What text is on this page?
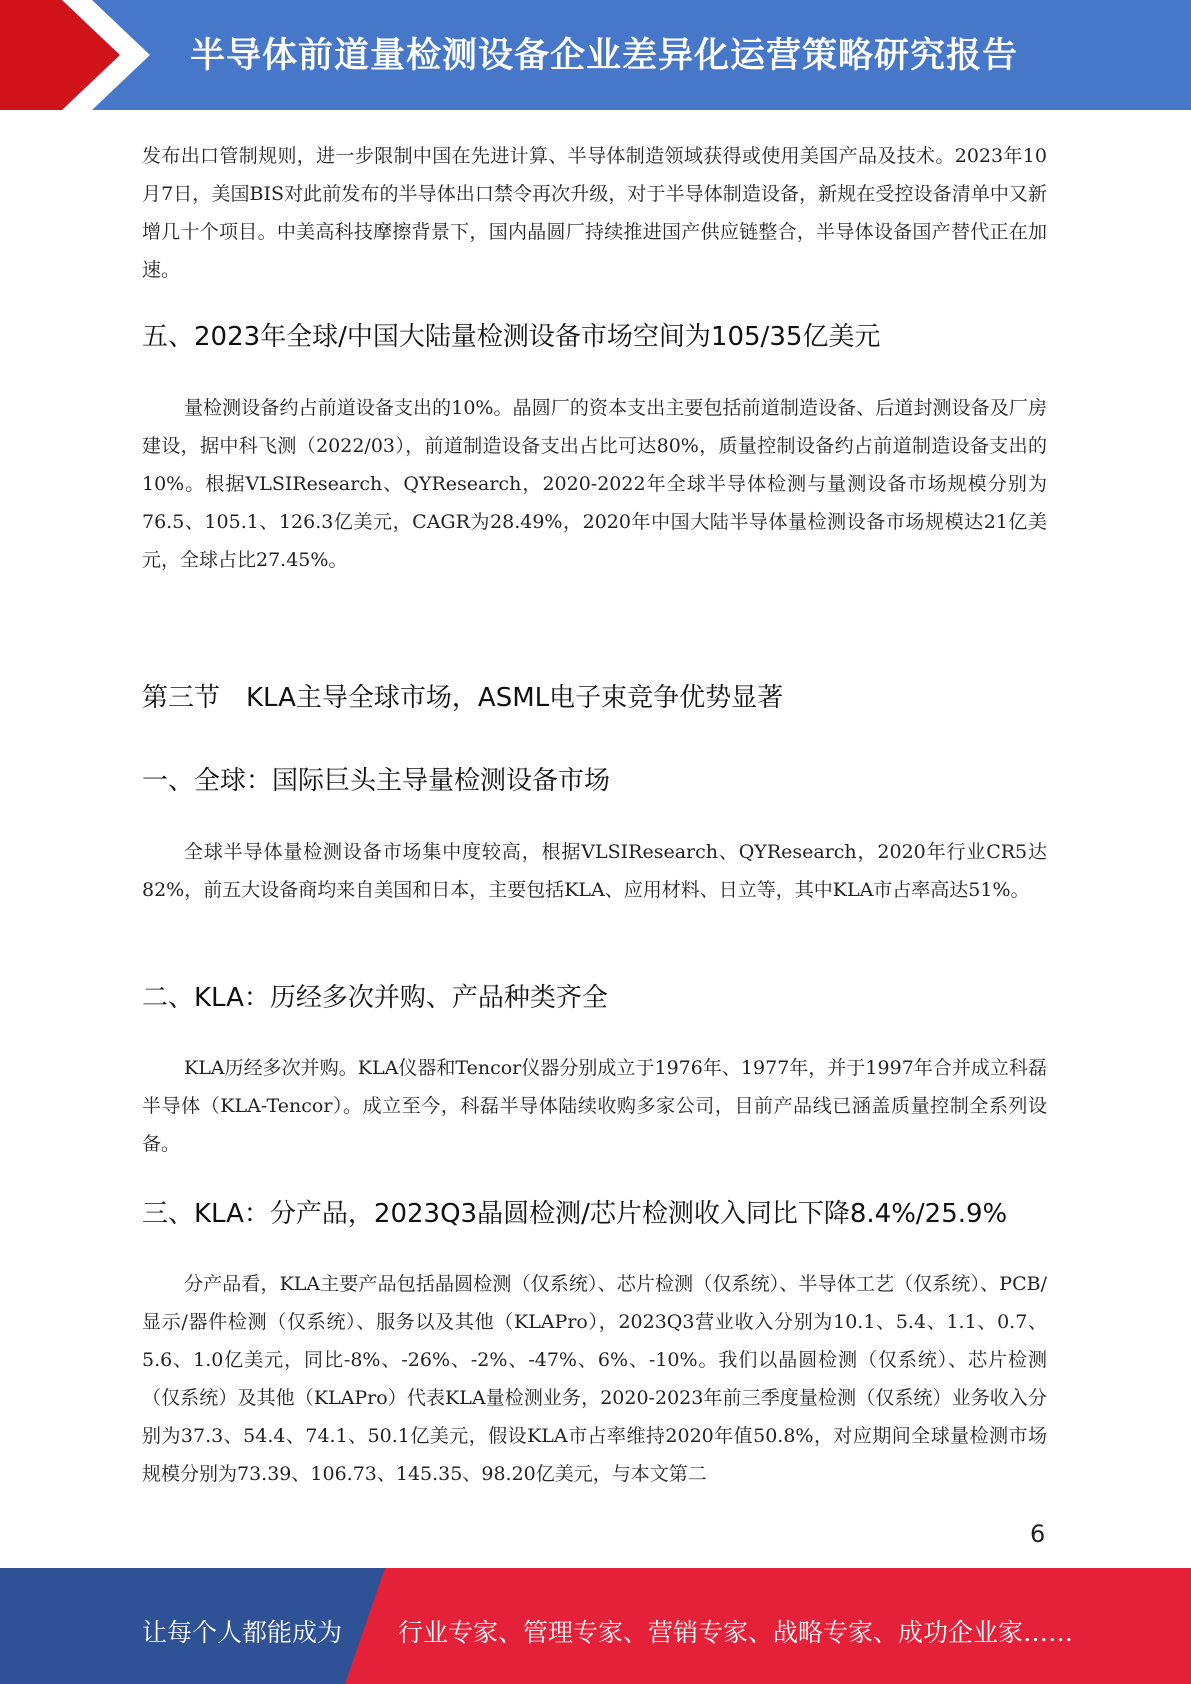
半导体前道量检测设备企业差异化运营策略研究报告
发布出口管制规则，进一步限制中国在先进计算、半导体制造领域获得或使用美国产品及技术。2023年10月7日，美国BIS对此前发布的半导体出口禁令再次升级，对于半导体制造设备，新规在受控设备清单中又新增几十个项目。中美高科技摩擦背景下，国内晶圆厂持续推进国产供应链整合，半导体设备国产替代正在加速。
五、2023年全球/中国大陆量检测设备市场空间为105/35亿美元
量检测设备约占前道设备支出的10%。晶圆厂的资本支出主要包括前道制造设备、后道封测设备及厂房建设，据中科飞测（2022/03），前道制造设备支出占比可达80%，质量控制设备约占前道制造设备支出的10%。根据VLSIResearch、QYResearch，2020-2022年全球半导体检测与量测设备市场规模分别为76.5、105.1、126.3亿美元，CAGR为28.49%，2020年中国大陆半导体量检测设备市场规模达21亿美元，全球占比27.45%。
第三节　KLA主导全球市场，ASML电子束竞争优势显著
一、全球：国际巨头主导量检测设备市场
全球半导体量检测设备市场集中度较高，根据VLSIResearch、QYResearch，2020年行业CR5达82%，前五大设备商均来自美国和日本，主要包括KLA、应用材料、日立等，其中KLA市占率高达51%。
二、KLA：历经多次并购、产品种类齐全
KLA历经多次并购。KLA仪器和Tencor仪器分别成立于1976年、1977年，并于1997年合并成立科磊半导体（KLA-Tencor）。成立至今，科磊半导体陆续收购多家公司，目前产品线已涵盖质量控制全系列设备。
三、KLA：分产品，2023Q3晶圆检测/芯片检测收入同比下降8.4%/25.9%
分产品看，KLA主要产品包括晶圆检测（仅系统）、芯片检测（仅系统）、半导体工艺（仅系统）、PCB/显示/器件检测（仅系统）、服务以及其他（KLAPro），2023Q3营业收入分别为10.1、5.4、1.1、0.7、5.6、1.0亿美元，同比-8%、-26%、-2%、-47%、6%、-10%。我们以晶圆检测（仅系统）、芯片检测（仅系统）及其他（KLAPro）代表KLA量检测业务，2020-2023年前三季度量检测（仅系统）业务收入分别为37.3、54.4、74.1、50.1亿美元，假设KLA市占率维持2020年值50.8%，对应期间全球量检测市场规模分别为73.39、106.73、145.35、98.20亿美元，与本文第二
6
让每个人都能成为 行业专家、管理专家、营销专家、战略专家、成功企业家……
